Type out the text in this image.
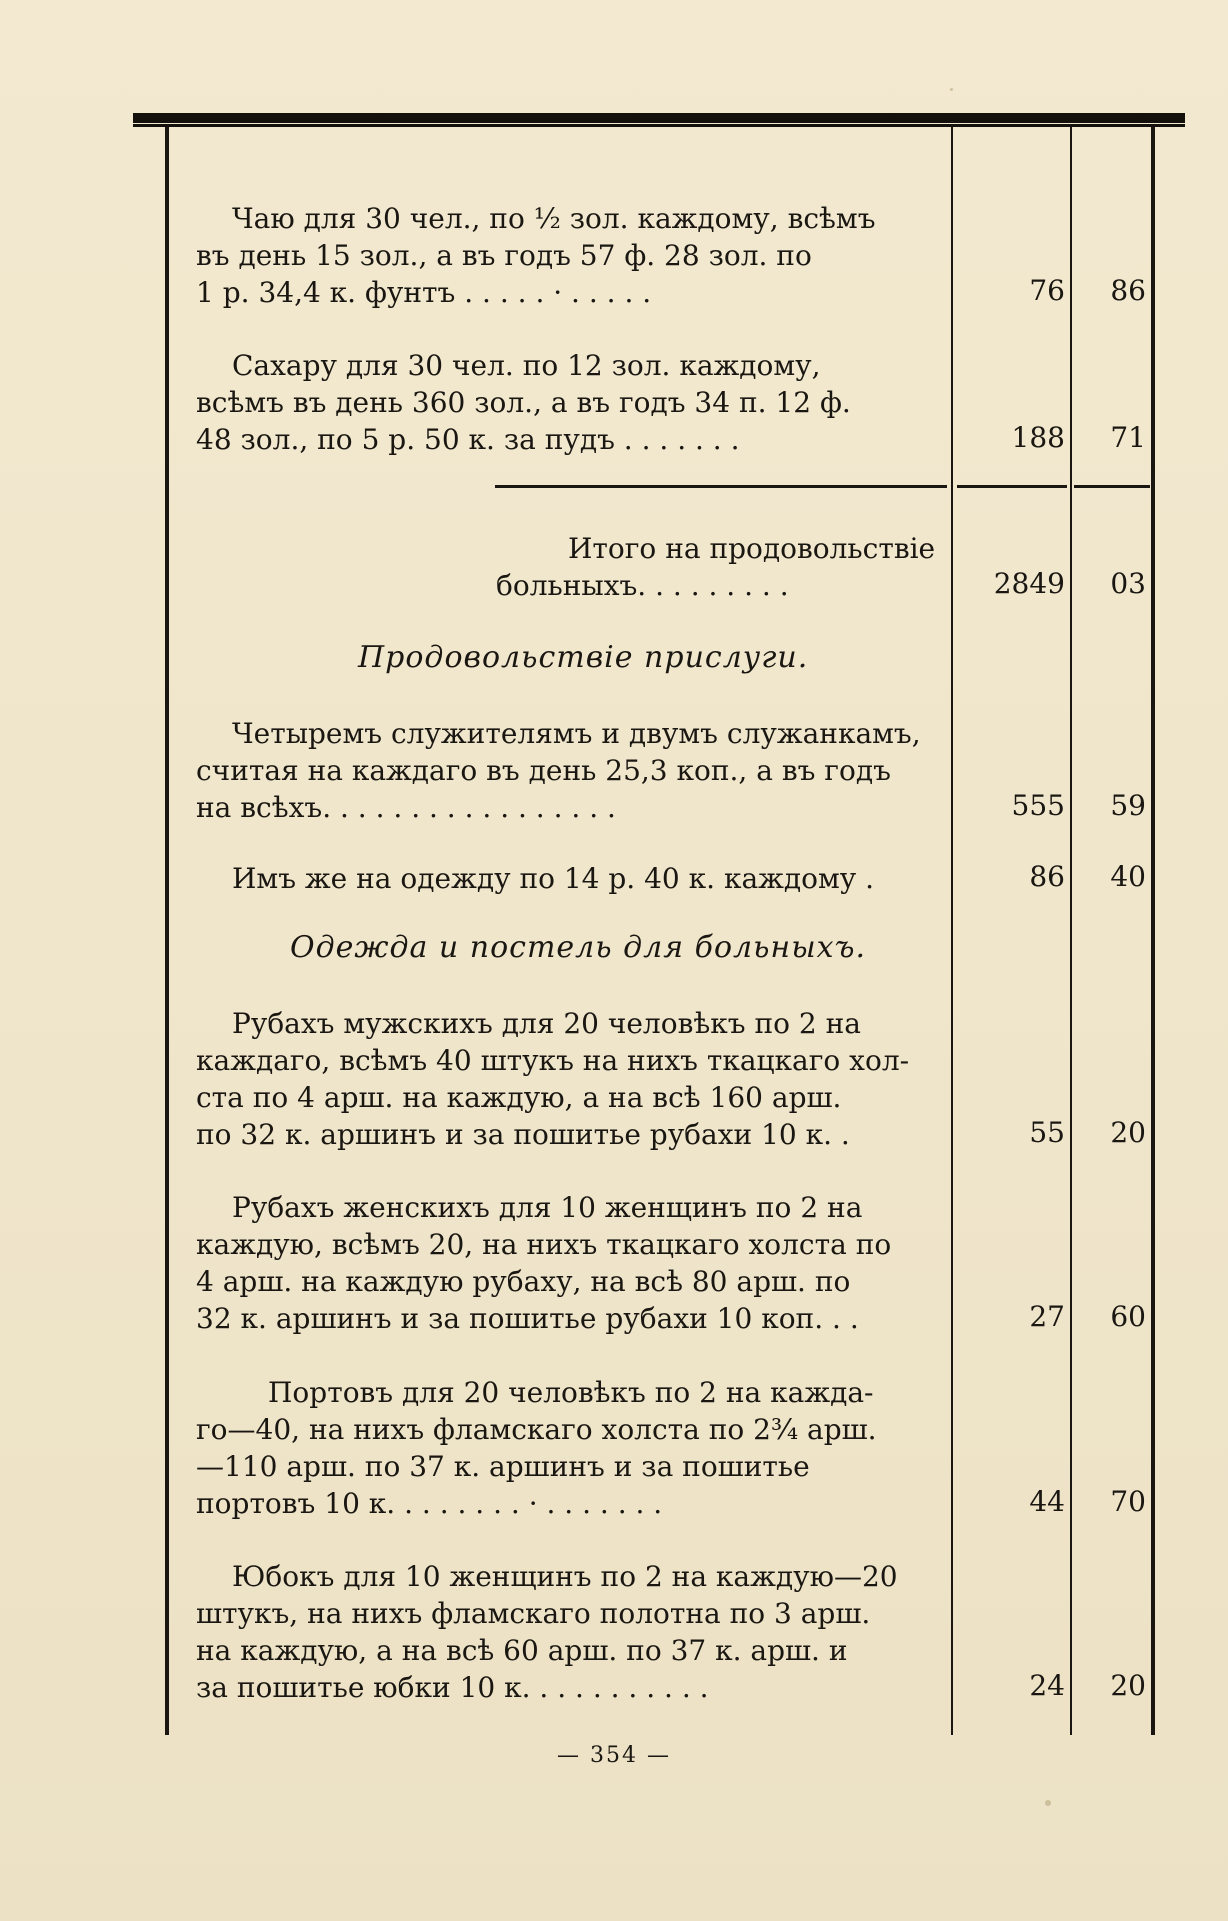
Чаю для 30 чел., по ½ зол. каждому, всѣмъ
въ день 15 зол., а въ годъ 57 ф. 28 зол. по
1 р. 34,4 к. фунтъ . . . . . · . . . . .	76	86
Сахару для 30 чел. по 12 зол. каждому,
всѣмъ въ день 360 зол., а въ годъ 34 п. 12 ф.
48 зол., по 5 р. 50 к. за пудъ . . . . . . .	188	71
Итого на продовольствіе
больныхъ. . . . . . . . .	2849	03
Продовольствіе прислуги.
Четыремъ служителямъ и двумъ служанкамъ,
считая на каждаго въ день 25,3 коп., а въ годъ
на всѣхъ. . . . . . . . . . . . . . . . .	555	59
Имъ же на одежду по 14 р. 40 к. каждому .	86	40
Одежда и постель для больныхъ.
Рубахъ мужскихъ для 20 человѣкъ по 2 на
каждаго, всѣмъ 40 штукъ на нихъ ткацкаго хол-
ста по 4 арш. на каждую, а на всѣ 160 арш.
по 32 к. аршинъ и за пошитье рубахи 10 к. .	55	20
Рубахъ женскихъ для 10 женщинъ по 2 на
каждую, всѣмъ 20, на нихъ ткацкаго холста по
4 арш. на каждую рубаху, на всѣ 80 арш. по
32 к. аршинъ и за пошитье рубахи 10 коп. . .	27	60
Портовъ для 20 человѣкъ по 2 на кажда-
го—40, на нихъ фламскаго холста по 2¾ арш.
—110 арш. по 37 к. аршинъ и за пошитье
портовъ 10 к. . . . . . . . · . . . . . . .	44	70
Юбокъ для 10 женщинъ по 2 на каждую—20
штукъ, на нихъ фламскаго полотна по 3 арш.
на каждую, а на всѣ 60 арш. по 37 к. арш. и
за пошитье юбки 10 к. . . . . . . . . . .	24	20
— 354 —
